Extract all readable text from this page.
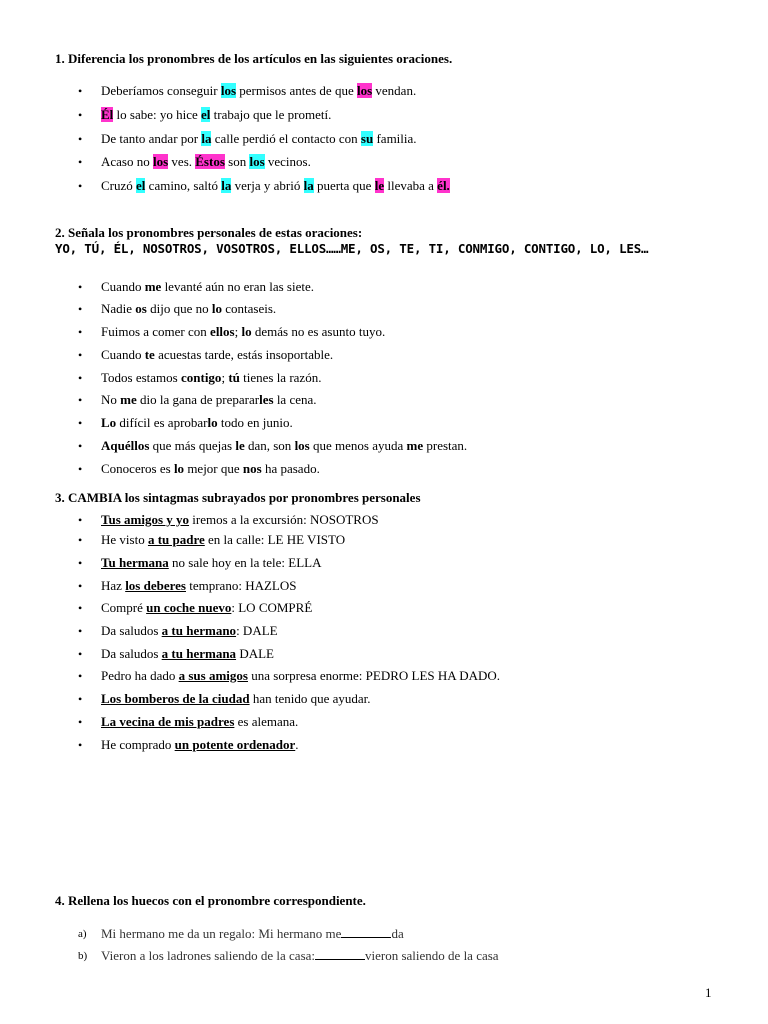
1. Diferencia los pronombres de los artículos en las siguientes oraciones.
• Deberíamos conseguir los permisos antes de que los vendan.
• Él lo sabe: yo hice el trabajo que le prometí.
• De tanto andar por la calle perdió el contacto con su familia.
• Acaso no los ves. Éstos son los vecinos.
• Cruzó el camino, saltó la verja y abrió la puerta que le llevaba a él.
2. Señala los pronombres personales de estas oraciones:
YO, TÚ, ÉL, NOSOTROS, VOSOTROS, ELLOS……ME, OS, TE, TI, CONMIGO, CONTIGO, LO, LES…
• Cuando me levanté aún no eran las siete.
• Nadie os dijo que no lo contaseis.
• Fuimos a comer con ellos; lo demás no es asunto tuyo.
• Cuando te acuestas tarde, estás insoportable.
• Todos estamos contigo; tú tienes la razón.
• No me dio la gana de prepararles la cena.
• Lo difícil es aprobarlo todo en junio.
• Aquéllos que más quejas le dan, son los que menos ayuda me prestan.
• Conoceros es lo mejor que nos ha pasado.
3. CAMBIA los sintagmas subrayados por pronombres personales
• Tus amigos y yo iremos a la excursión: NOSOTROS
• He visto a tu padre en la calle: LE HE VISTO
• Tu hermana no sale hoy en la tele: ELLA
• Haz los deberes temprano: HAZLOS
• Compré un coche nuevo: LO COMPRÉ
• Da saludos a tu hermano: DALE
• Da saludos a tu hermana DALE
• Pedro ha dado a sus amigos una sorpresa enorme: PEDRO LES HA DADO.
• Los bomberos de la ciudad han tenido que ayudar.
• La vecina de mis padres es alemana.
• He comprado un potente ordenador.
4. Rellena los huecos con el pronombre correspondiente.
a) Mi hermano me da un regalo: Mi hermano me	da
b) Vieron a los ladrones saliendo de la casa:	vieron saliendo de la casa
1
